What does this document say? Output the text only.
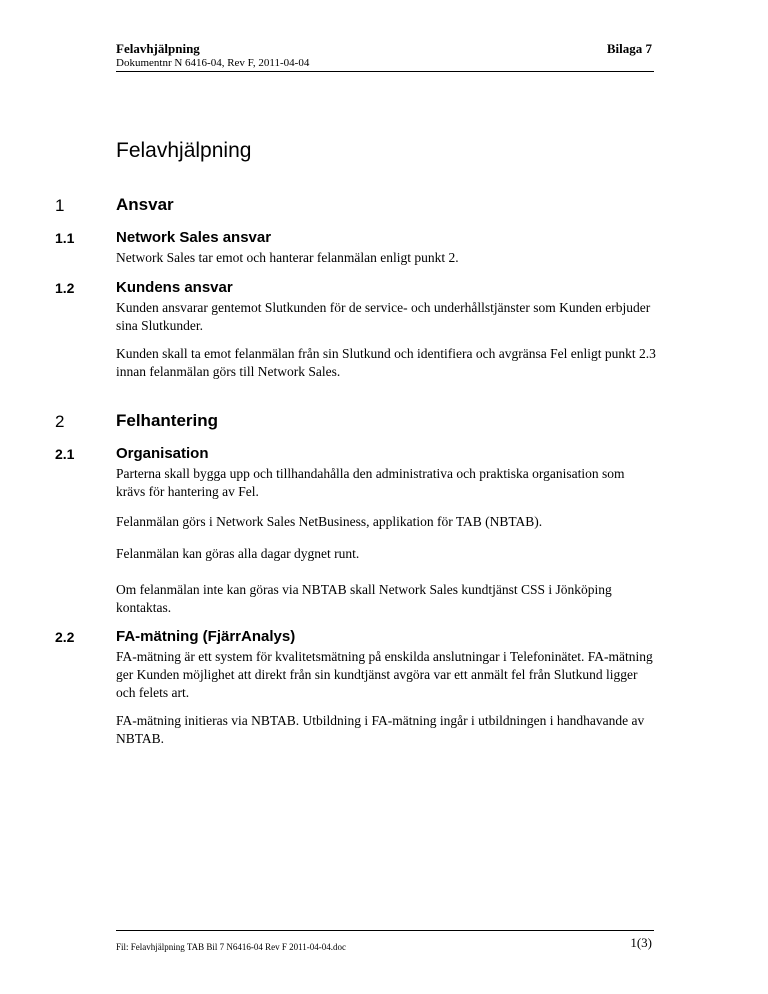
Felavhjälpning	Bilaga 7
Dokumentnr N 6416-04, Rev F, 2011-04-04
Felavhjälpning
1	Ansvar
1.1	Network Sales ansvar

Network Sales tar emot och hanterar felanmälan enligt punkt 2.

1.2	Kundens ansvar

Kunden ansvarar gentemot Slutkunden för de service- och underhållstjänster som Kunden erbjuder sina Slutkunder.

Kunden skall ta emot felanmälan från sin Slutkund och identifiera och avgränsa Fel enligt punkt 2.3 innan felanmälan görs till Network Sales.

2	Felhantering
2.1	Organisation

Parterna skall bygga upp och tillhandahålla den administrativa och praktiska organisation som krävs för hantering av Fel.

Felanmälan görs i Network Sales NetBusiness, applikation för TAB (NBTAB).

Felanmälan kan göras alla dagar dygnet runt.

Om felanmälan inte kan göras via NBTAB skall Network Sales kundtjänst CSS i Jönköping kontaktas.

2.2	FA-mätning (FjärrAnalys)

FA-mätning är ett system för kvalitetsmätning på enskilda anslutningar i Telefoninätet. FA-mätning ger Kunden möjlighet att direkt från sin kundtjänst avgöra var ett anmält fel från Slutkund ligger och felets art.

FA-mätning initieras via NBTAB. Utbildning i FA-mätning ingår i utbildningen i handhavande av NBTAB.

Fil: Felavhjälpning TAB Bil 7 N6416-04 Rev F 2011-04-04.doc	1(3)
